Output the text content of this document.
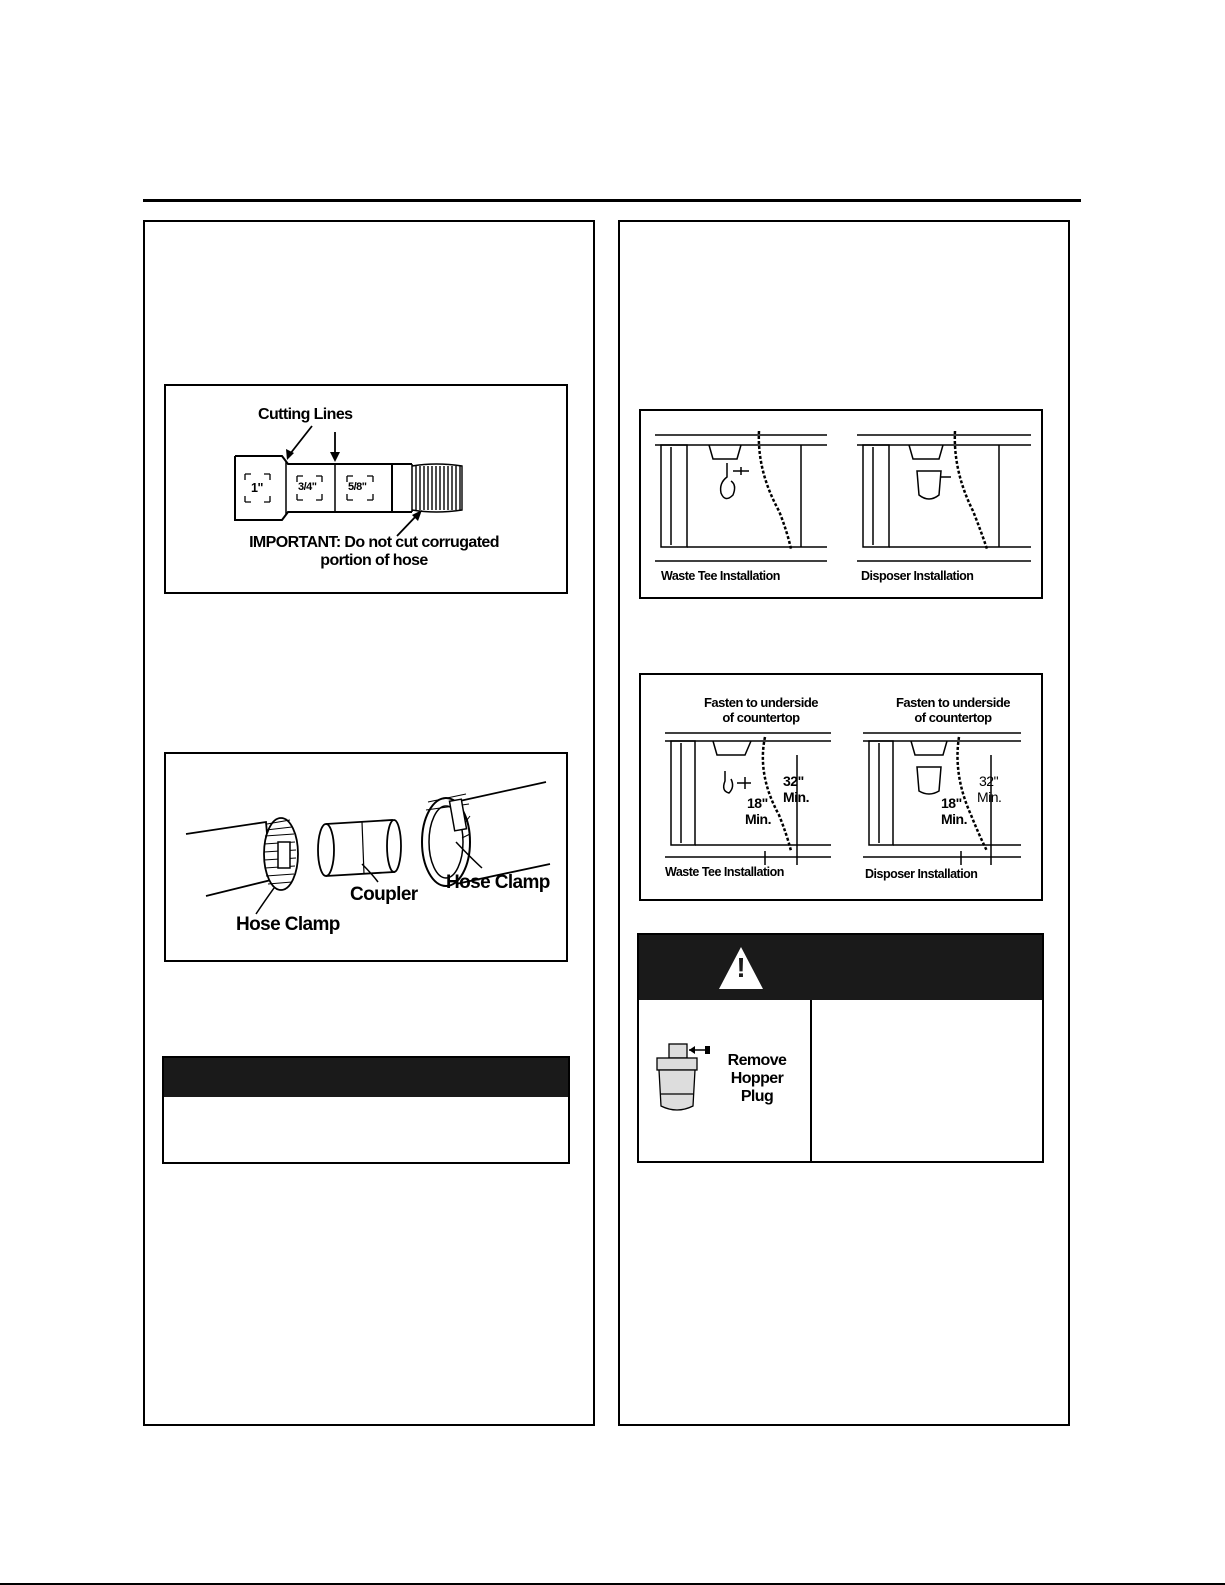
Cutting Lines
1"	3/4"	5/8"
IMPORTANT: Do not cut corrugated
portion of hose
Hose Clamp
Coupler
Hose Clamp
Waste Tee Installation	Disposer Installation
Fasten to underside
of countertop
Fasten to underside
of countertop
18"
Min.
32"
Min.	18"
Min.
32"
Min.
Waste Tee Installation	Disposer Installation
!
Remove
Hopper
Plug
